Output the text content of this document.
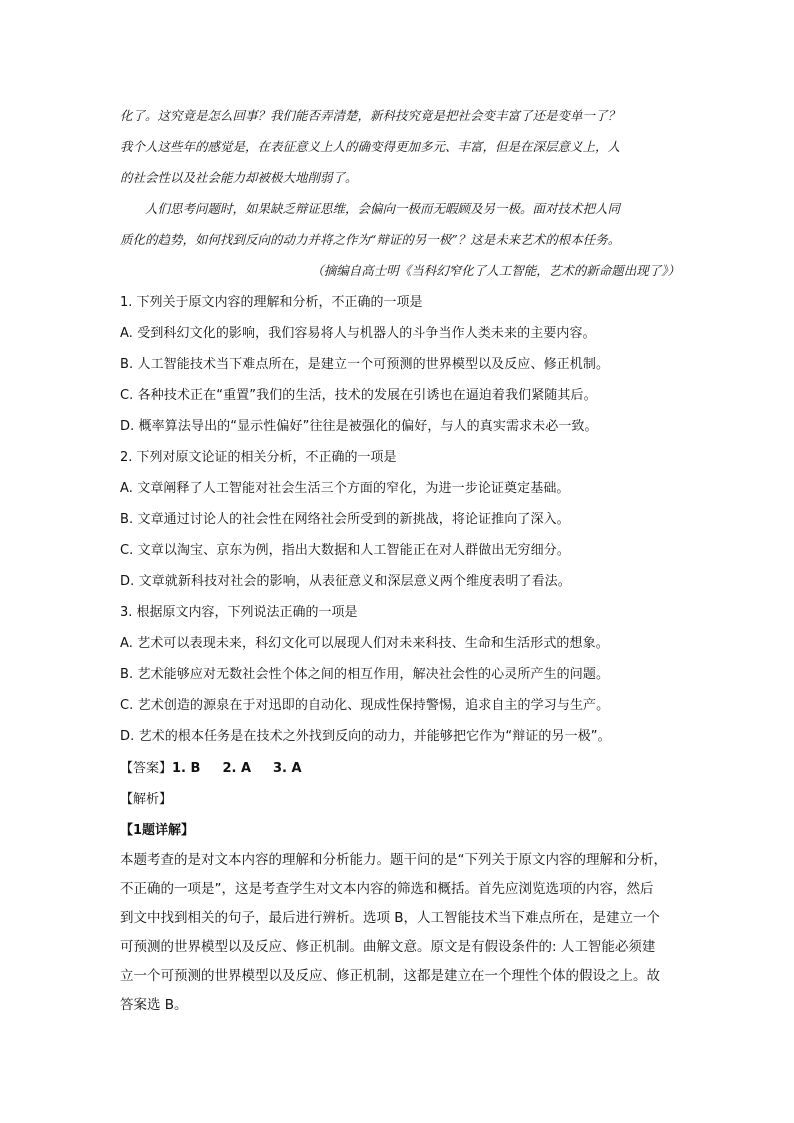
化了。这究竟是怎么回事？我们能否弄清楚，新科技究竟是把社会变丰富了还是变单一了？

我个人这些年的感觉是，在表征意义上人的确变得更加多元、丰富，但是在深层意义上，人

的社会性以及社会能力却被极大地削弱了。

人们思考问题时，如果缺乏辩证思维，会偏向一极而无暇顾及另一极。面对技术把人同

质化的趋势，如何找到反向的动力并将之作为“辩证的另一极”？这是未来艺术的根本任务。

（摘编自高士明《当科幻窄化了人工智能，艺术的新命题出现了》）

1. 下列关于原文内容的理解和分析，不正确的一项是
A. 受到科幻文化的影响，我们容易将人与机器人的斗争当作人类未来的主要内容。
B. 人工智能技术当下难点所在，是建立一个可预测的世界模型以及反应、修正机制。
C. 各种技术正在“重置”我们的生活，技术的发展在引诱也在逼迫着我们紧随其后。
D. 概率算法导出的“显示性偏好”往往是被强化的偏好，与人的真实需求未必一致。
2. 下列对原文论证的相关分析，不正确的一项是
A. 文章阐释了人工智能对社会生活三个方面的窄化，为进一步论证奠定基础。
B. 文章通过讨论人的社会性在网络社会所受到的新挑战，将论证推向了深入。
C. 文章以淘宝、京东为例，指出大数据和人工智能正在对人群做出无穷细分。
D. 文章就新科技对社会的影响，从表征意义和深层意义两个维度表明了看法。
3. 根据原文内容，下列说法正确的一项是
A. 艺术可以表现未来，科幻文化可以展现人们对未来科技、生命和生活形式的想象。
B. 艺术能够应对无数社会性个体之间的相互作用，解决社会性的心灵所产生的问题。
C. 艺术创造的源泉在于对迅即的自动化、现成性保持警惕，追求自主的学习与生产。
D. 艺术的根本任务是在技术之外找到反向的动力，并能够把它作为“辩证的另一极”。
【答案】1. B 2. A 3. A
【解析】
【1题详解】

本题考查的是对文本内容的理解和分析能力。题干问的是“下列关于原文内容的理解和分析，

不正确的一项是”，这是考查学生对文本内容的筛选和概括。首先应浏览选项的内容，然后

到文中找到相关的句子，最后进行辨析。选项 B，人工智能技术当下难点所在，是建立一个

可预测的世界模型以及反应、修正机制。曲解文意。原文是有假设条件的: 人工智能必须建

立一个可预测的世界模型以及反应、修正机制，这都是建立在一个理性个体的假设之上。故

答案选 B。
